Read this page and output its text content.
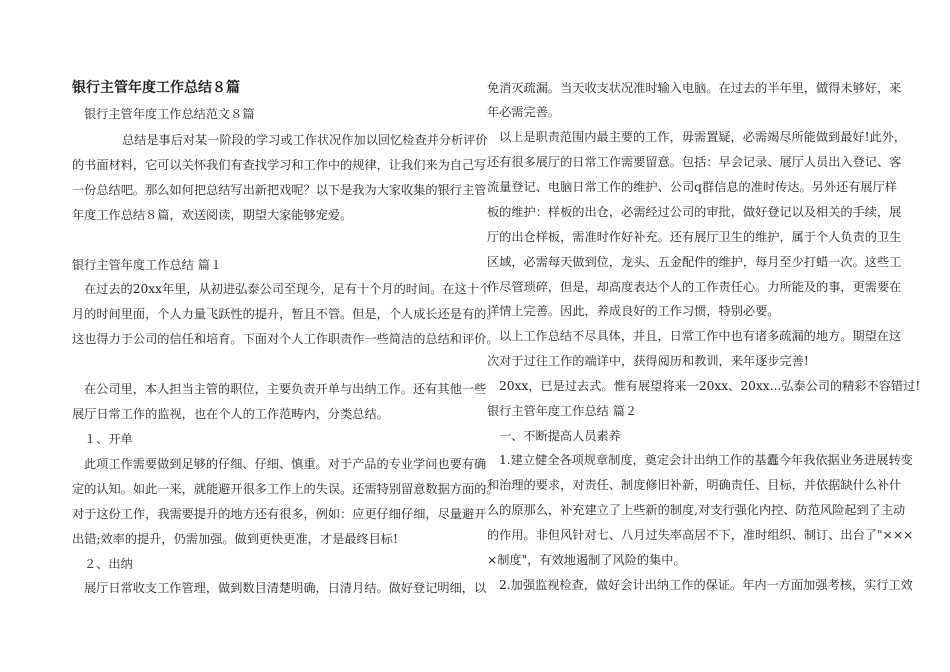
银行主管年度工作总结８篇
银行主管年度工作总结范文８篇
总结是事后对某一阶段的学习或工作状况作加以回忆检查并分析评价
的书面材料，它可以关怀我们有查找学习和工作中的规律，让我们来为自己写
一份总结吧。那么如何把总结写出新把戏呢？以下是我为大家收集的银行主管
年度工作总结８篇，欢送阅读，期望大家能够宠爱。
银行主管年度工作总结 篇１
在过去的20xx年里，从初进弘泰公司至现今，足有十个月的时间。在这十个
月的时间里面，个人力量飞跃性的提升，暂且不管。但是，个人成长还是有的。
这也得力于公司的信任和培育。下面对个人工作职责作一些简洁的总结和评价。
在公司里，本人担当主管的职位，主要负责开单与出纳工作。还有其他一些
展厅日常工作的监视，也在个人的工作范畴内，分类总结。
１、开单
此项工作需要做到足够的仔细、仔细、慎重。对于产品的专业学问也要有确
定的认知。如此一来，就能避开很多工作上的失误。还需特别留意数据方面的。
对于这份工作，我需要提升的地方还有很多，例如：应更仔细仔细，尽量避开
出错;效率的提升，仍需加强。做到更快更准，才是最终目标!
２、出纳
展厅日常收支工作管理，做到数目清楚明确，日清月结。做好登记明细，以
免消灭疏漏。当天收支状况准时输入电脑。在过去的半年里，做得未够好，来
年必需完善。
以上是职责范围内最主要的工作，毋需置疑，必需竭尽所能做到最好!此外，
还有很多展厅的日常工作需要留意。包括：早会记录、展厅人员出入登记、客
流量登记、电脑日常工作的维护、公司q群信息的准时传达。另外还有展厅样
板的维护：样板的出仓，必需经过公司的审批，做好登记以及相关的手续，展
厅的出仓样板，需准时作好补充。还有展厅卫生的维护，属于个人负责的卫生
区域，必需每天做到位，龙头、五金配件的维护，每月至少打蜡一次。这些工
作尽管琐碎，但是，却高度表达个人的工作责任心。力所能及的事，更需要在
详情上完善。因此，养成良好的工作习惯，特别必要。
以上工作总结不尽具体，并且，日常工作中也有诸多疏漏的地方。期望在这
次对于过往工作的端详中，获得阅历和教训，来年逐步完善!
20xx，已是过去式。惟有展望将来一20xx、20xx...弘泰公司的精彩不容错过!
银行主管年度工作总结 篇２
一、不断提高人员素养
1.建立健全各项规章制度，奠定会计出纳工作的基蠹今年我依据业务进展转变
和治理的要求，对责任、制度修旧补新，明确责任、目标，并依据缺什么补什
么的原那么，补充建立了上些新的制度,对支行强化内控、防范风险起到了主动
的作用。非但风针对七、八月过失率高居不下，准时组织、制订、出台了"×××
×制度"，有效地遏制了风险的集中。
2.加强监视检查，做好会计出纳工作的保证。年内一方面加强考核，实行工效
